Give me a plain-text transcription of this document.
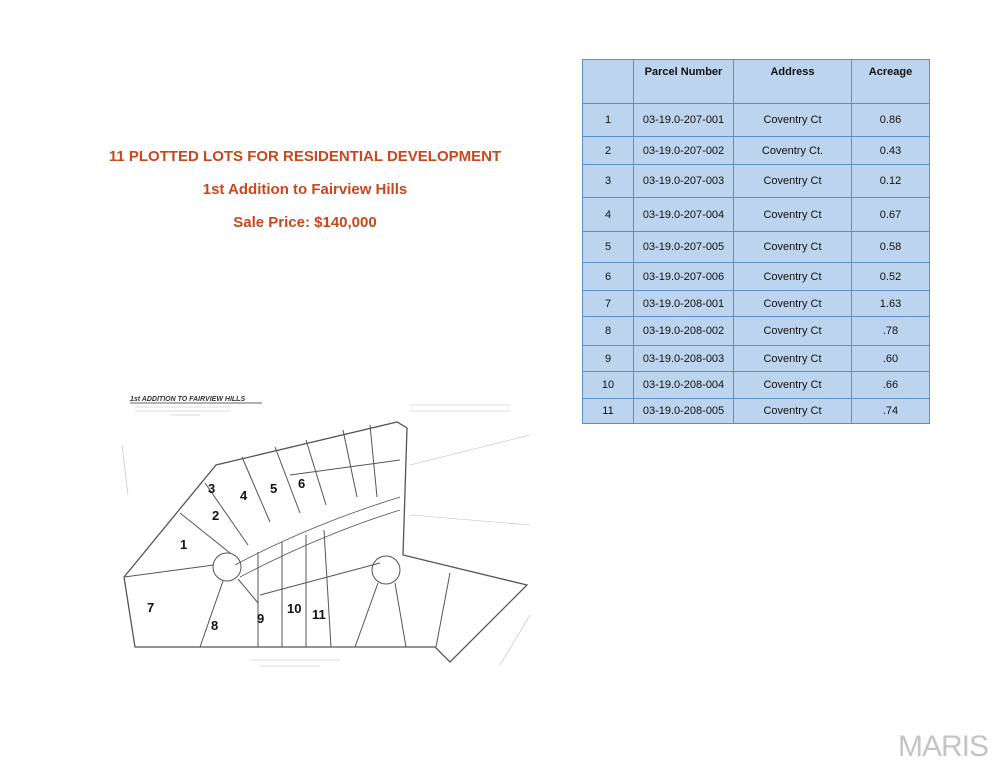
11 PLOTTED LOTS FOR RESIDENTIAL DEVELOPMENT
1st Addition to Fairview Hills
Sale Price: $140,000
	Parcel Number	Address	Acreage
1	03-19.0-207-001	Coventry Ct	0.86
2	03-19.0-207-002	Coventry Ct.	0.43
3	03-19.0-207-003	Coventry Ct	0.12
4	03-19.0-207-004	Coventry Ct	0.67
5	03-19.0-207-005	Coventry Ct	0.58
6	03-19.0-207-006	Coventry Ct	0.52
7	03-19.0-208-001	Coventry Ct	1.63
8	03-19.0-208-002	Coventry Ct	.78
9	03-19.0-208-003	Coventry Ct	.60
10	03-19.0-208-004	Coventry Ct	.66
11	03-19.0-208-005	Coventry Ct	.74
1st ADDITION TO FAIRVIEW HILLS
1
2
3 4 5 6
7
8	9
10 11
MARIS
